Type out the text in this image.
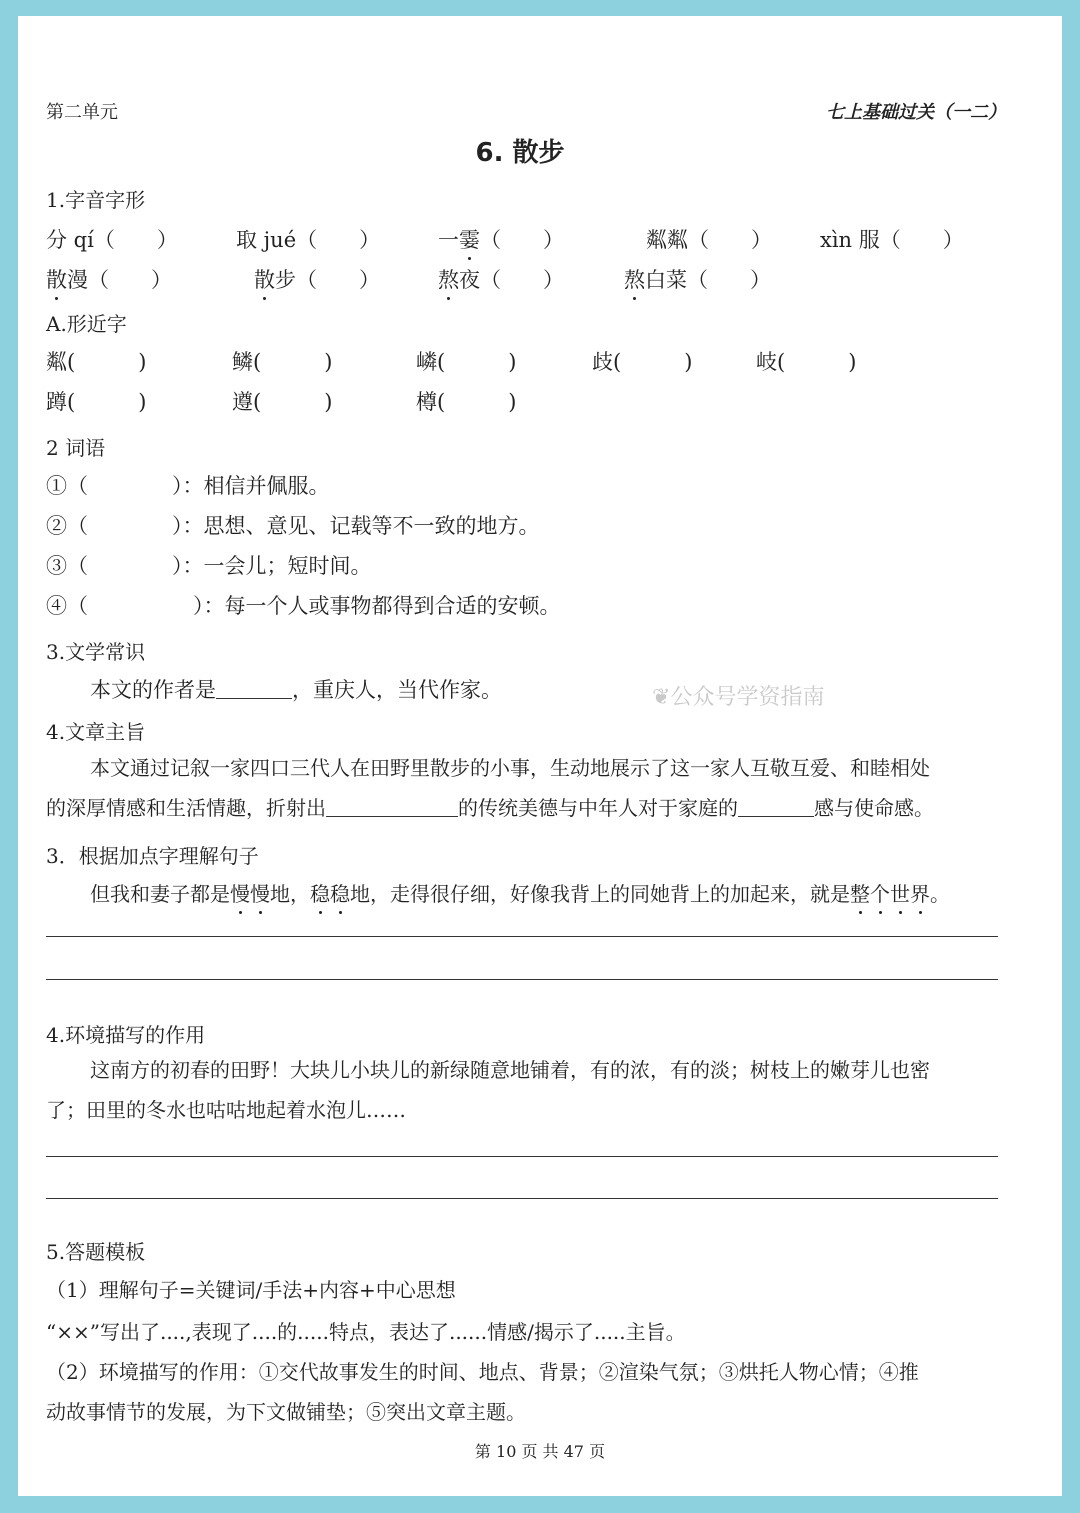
第二单元	七上基础过关（一二）
6. 散步
1.字音字形
分 qí（　　）	取 jué（　　）	一霎（　　）	粼粼（　　） xìn 服（　　）
散漫（　　）	散步（　　）	熬夜（　　）	熬白菜（　　）
A.形近字
粼(　　　)	鳞(　　　)	嶙(　　　)	歧(　　　)	岐(　　　)
蹲(　　　)	遵(　　　)	樽(　　　)
2 词语
①（　　　　）：相信并佩服。
②（　　　　）：思想、意见、记载等不一致的地方。
③（　　　　）：一会儿；短时间。
④（　　　　　）：每一个人或事物都得到合适的安顿。
3.文学常识
本文的作者是	，重庆人，当代作家。	❦公众号学资指南
4.文章主旨
本文通过记叙一家四口三代人在田野里散步的小事，生动地展示了这一家人互敬互爱、和睦相处
的深厚情感和生活情趣，折射出	的传统美德与中年人对于家庭的	感与使命感。
3．根据加点字理解句子
但我和妻子都是慢慢地，稳稳地，走得很仔细，好像我背上的同她背上的加起来，就是整个世界。
4.环境描写的作用
这南方的初春的田野！大块儿小块儿的新绿随意地铺着，有的浓，有的淡；树枝上的嫩芽儿也密
了；田里的冬水也咕咕地起着水泡儿……
5.答题模板
（1）理解句子=关键词/手法+内容+中心思想
“××”写出了....,表现了....的.....特点，表达了......情感/揭示了.....主旨。
（2）环境描写的作用：①交代故事发生的时间、地点、背景；②渲染气氛；③烘托人物心情；④推
动故事情节的发展，为下文做铺垫；⑤突出文章主题。
第 10 页 共 47 页
